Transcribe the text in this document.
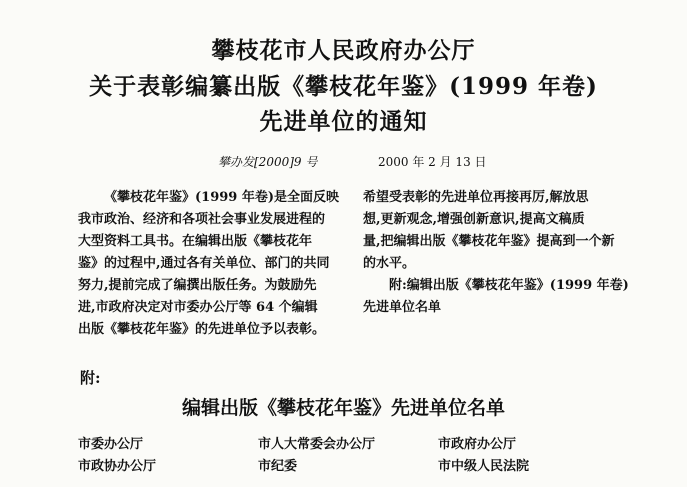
攀枝花市人民政府办公厅
关于表彰编纂出版《攀枝花年鉴》(1999 年卷)
先进单位的通知
攀办发[2000]9 号	2000 年 2 月 13 日
《攀枝花年鉴》(1999 年卷)是全面反映
我市政治、经济和各项社会事业发展进程的
大型资料工具书。在编辑出版《攀枝花年
鉴》的过程中,通过各有关单位、部门的共同
努力,提前完成了编撰出版任务。为鼓励先
进,市政府决定对市委办公厅等 64 个编辑
出版《攀枝花年鉴》的先进单位予以表彰。
希望受表彰的先进单位再接再厉,解放思
想,更新观念,增强创新意识,提高文稿质
量,把编辑出版《攀枝花年鉴》提高到一个新
的水平。
附:编辑出版《攀枝花年鉴》(1999 年卷)
先进单位名单
附:
编辑出版《攀枝花年鉴》先进单位名单
市委办公厅	市人大常委会办公厅	市政府办公厅
市政协办公厅	市纪委	市中级人民法院
